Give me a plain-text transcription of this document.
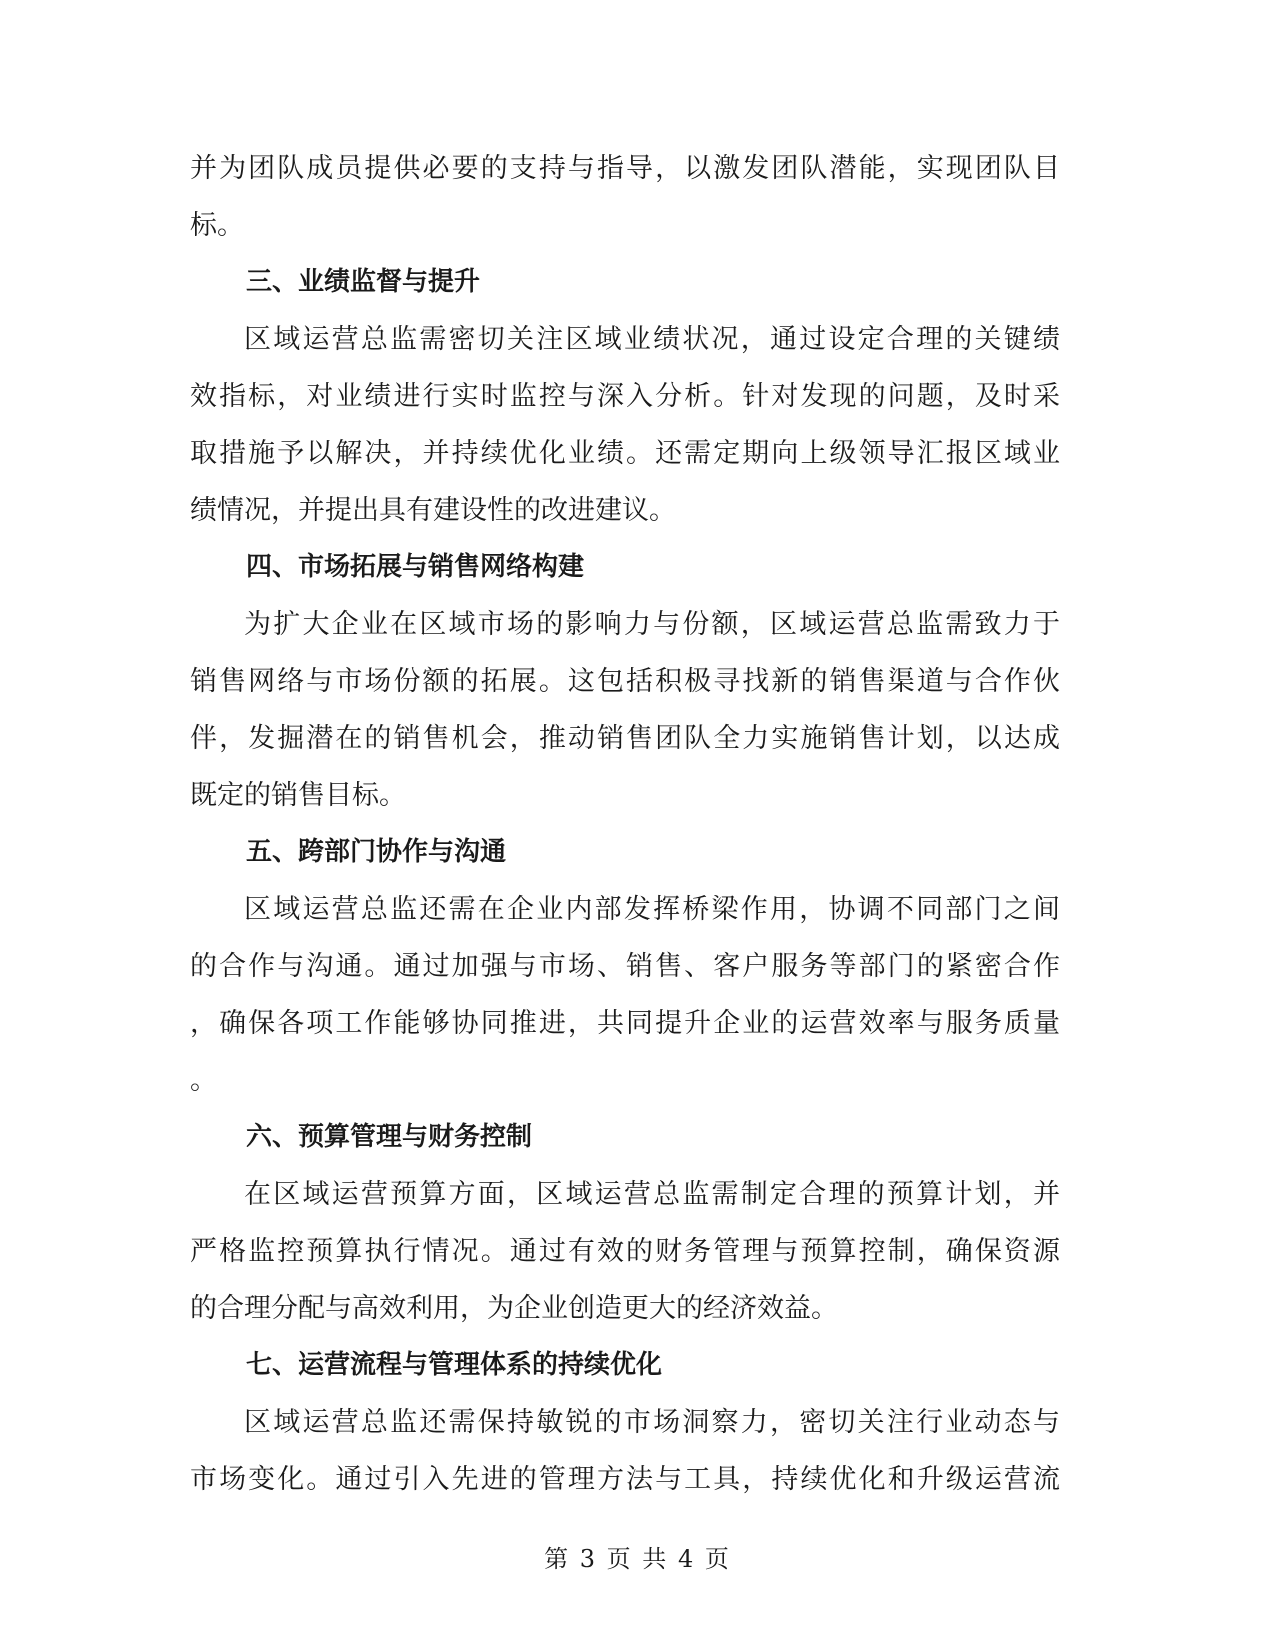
并为团队成员提供必要的支持与指导，以激发团队潜能，实现团队目
标。
三、业绩监督与提升
区域运营总监需密切关注区域业绩状况，通过设定合理的关键绩
效指标，对业绩进行实时监控与深入分析。针对发现的问题，及时采
取措施予以解决，并持续优化业绩。还需定期向上级领导汇报区域业
绩情况，并提出具有建设性的改进建议。
四、市场拓展与销售网络构建
为扩大企业在区域市场的影响力与份额，区域运营总监需致力于
销售网络与市场份额的拓展。这包括积极寻找新的销售渠道与合作伙
伴，发掘潜在的销售机会，推动销售团队全力实施销售计划，以达成
既定的销售目标。
五、跨部门协作与沟通
区域运营总监还需在企业内部发挥桥梁作用，协调不同部门之间
的合作与沟通。通过加强与市场、销售、客户服务等部门的紧密合作
，确保各项工作能够协同推进，共同提升企业的运营效率与服务质量
。
六、预算管理与财务控制
在区域运营预算方面，区域运营总监需制定合理的预算计划，并
严格监控预算执行情况。通过有效的财务管理与预算控制，确保资源
的合理分配与高效利用，为企业创造更大的经济效益。
七、运营流程与管理体系的持续优化
区域运营总监还需保持敏锐的市场洞察力，密切关注行业动态与
市场变化。通过引入先进的管理方法与工具，持续优化和升级运营流
第 3 页 共 4 页
